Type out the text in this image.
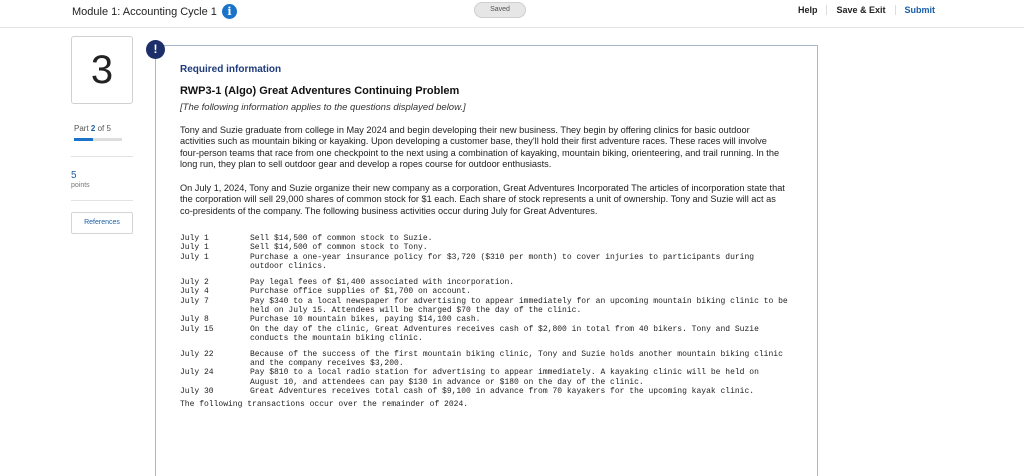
Module 1: Accounting Cycle 1 i	Saved	Help	Save & Exit	Submit
3
Part 2 of 5
5
points
References
!
Required information
RWP3-1 (Algo) Great Adventures Continuing Problem
[The following information applies to the questions displayed below.]
Tony and Suzie graduate from college in May 2024 and begin developing their new business. They begin by offering clinics for basic outdoor activities such as mountain biking or kayaking. Upon developing a customer base, they'll hold their first adventure races. These races will involve four-person teams that race from one checkpoint to the next using a combination of kayaking, mountain biking, orienteering, and trail running. In the long run, they plan to sell outdoor gear and develop a ropes course for outdoor enthusiasts.
On July 1, 2024, Tony and Suzie organize their new company as a corporation, Great Adventures Incorporated The articles of incorporation state that the corporation will sell 29,000 shares of common stock for $1 each. Each share of stock represents a unit of ownership. Tony and Suzie will act as co-presidents of the company. The following business activities occur during July for Great Adventures.
July 1	Sell $14,500 of common stock to Suzie.
July 1	Sell $14,500 of common stock to Tony.
July 1	Purchase a one-year insurance policy for $3,720 ($310 per month) to cover injuries to participants during outdoor clinics.
July 2	Pay legal fees of $1,400 associated with incorporation.
July 4	Purchase office supplies of $1,700 on account.
July 7	Pay $340 to a local newspaper for advertising to appear immediately for an upcoming mountain biking clinic to be held on July 15. Attendees will be charged $70 the day of the clinic.
July 8	Purchase 10 mountain bikes, paying $14,100 cash.
July 15	On the day of the clinic, Great Adventures receives cash of $2,800 in total from 40 bikers. Tony and Suzie conducts the mountain biking clinic.
July 22	Because of the success of the first mountain biking clinic, Tony and Suzie holds another mountain biking clinic and the company receives $3,200.
July 24	Pay $810 to a local radio station for advertising to appear immediately. A kayaking clinic will be held on August 10, and attendees can pay $130 in advance or $180 on the day of the clinic.
July 30	Great Adventures receives total cash of $9,100 in advance from 70 kayakers for the upcoming kayak clinic.
The following transactions occur over the remainder of 2024.
